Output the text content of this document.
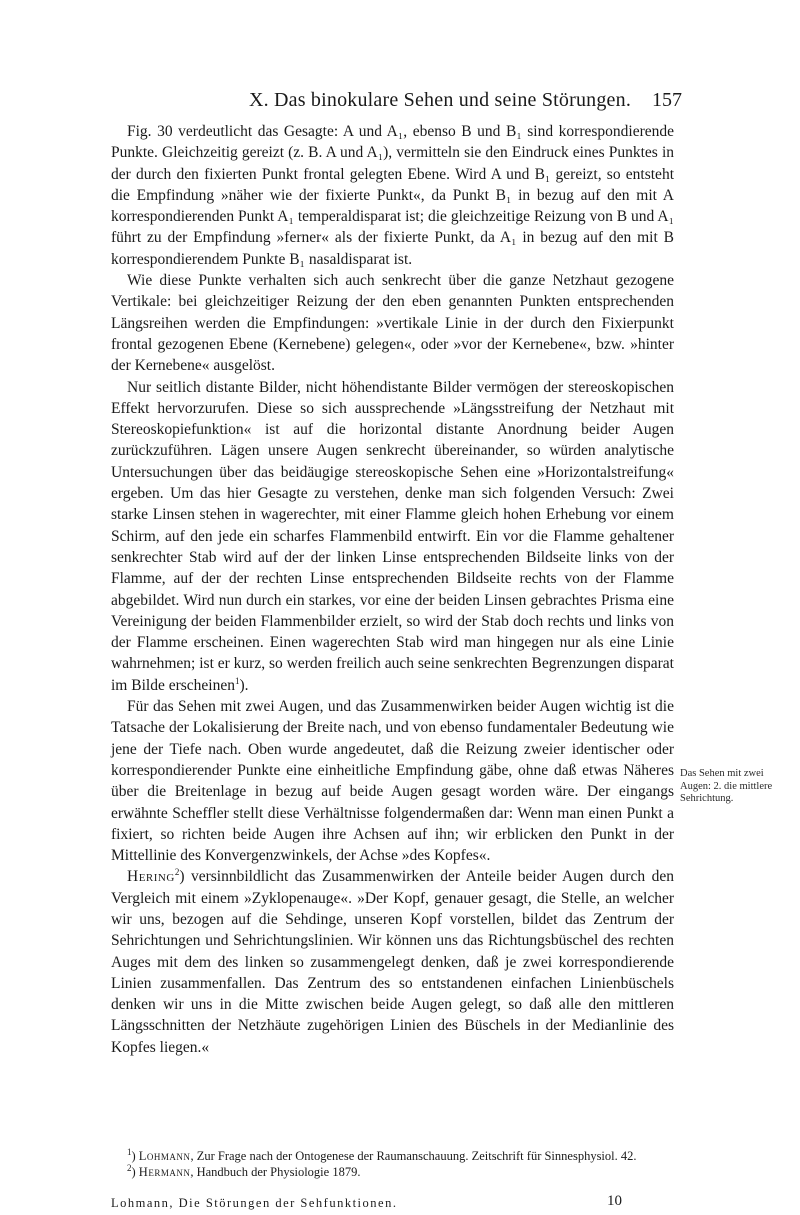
X. Das binokulare Sehen und seine Störungen.	157

Fig. 30 verdeutlicht das Gesagte: A und A₁, ebenso B und B₁ sind korrespondierende Punkte. Gleichzeitig gereizt (z. B. A und A₁), vermitteln sie den Eindruck eines Punktes in der durch den fixierten Punkt frontal gelegten Ebene. Wird A und B₁ gereizt, so entsteht die Empfindung »näher wie der fixierte Punkt«, da Punkt B₁ in bezug auf den mit A korrespondierenden Punkt A₁ temperaldisparat ist; die gleichzeitige Reizung von B und A₁ führt zu der Empfindung »ferner« als der fixierte Punkt, da A₁ in bezug auf den mit B korrespondierendem Punkte B₁ nasaldisparat ist.

Wie diese Punkte verhalten sich auch senkrecht über die ganze Netzhaut gezogene Vertikale: bei gleichzeitiger Reizung der den eben genannten Punkten entsprechenden Längsreihen werden die Empfindungen: »vertikale Linie in der durch den Fixierpunkt frontal gezogenen Ebene (Kernebene) gelegen«, oder »vor der Kernebene«, bzw. »hinter der Kernebene« ausgelöst.

Nur seitlich distante Bilder, nicht höhendistante Bilder vermögen der stereoskopischen Effekt hervorzurufen. Diese so sich aussprechende »Längsstreifung der Netzhaut mit Stereoskopiefunktion« ist auf die horizontal distante Anordnung beider Augen zurückzuführen. Lägen unsere Augen senkrecht übereinander, so würden analytische Untersuchungen über das beidäugige stereoskopische Sehen eine »Horizontalstreifung« ergeben. Um das hier Gesagte zu verstehen, denke man sich folgenden Versuch: Zwei starke Linsen stehen in wagerechter, mit einer Flamme gleich hohen Erhebung vor einem Schirm, auf den jede ein scharfes Flammenbild entwirft. Ein vor die Flamme gehaltener senkrechter Stab wird auf der der linken Linse entsprechenden Bildseite links von der Flamme, auf der der rechten Linse entsprechenden Bildseite rechts von der Flamme abgebildet. Wird nun durch ein starkes, vor eine der beiden Linsen gebrachtes Prisma eine Vereinigung der beiden Flammenbilder erzielt, so wird der Stab doch rechts und links von der Flamme erscheinen. Einen wagerechten Stab wird man hingegen nur als eine Linie wahrnehmen; ist er kurz, so werden freilich auch seine senkrechten Begrenzungen disparat im Bilde erscheinen$^1$).

Für das Sehen mit zwei Augen, und das Zusammenwirken beider Augen wichtig ist die Tatsache der Lokalisierung der Breite nach, und von ebenso fundamentaler Bedeutung wie jene der Tiefe nach. Oben wurde angedeutet, daß die Reizung zweier identischer oder korrespondierender Punkte eine einheitliche Empfindung gäbe, ohne daß etwas Näheres über die Breitenlage in bezug auf beide Augen gesagt worden wäre. Der eingangs erwähnte Scheffler stellt diese Verhältnisse folgendermaßen dar: Wenn man einen Punkt a fixiert, so richten beide Augen ihre Achsen auf ihn; wir erblicken den Punkt in der Mittellinie des Konvergenzwinkels, der Achse »des Kopfes«.

Hering$^2$) versinnbildlicht das Zusammenwirken der Anteile beider Augen durch den Vergleich mit einem »Zyklopenauge«. »Der Kopf, genauer gesagt, die Stelle, an welcher wir uns, bezogen auf die Sehdinge, unseren Kopf vorstellen, bildet das Zentrum der Sehrichtungen und Sehrichtungslinien. Wir können uns das Richtungsbüschel des rechten Auges mit dem des linken so zusammengelegt denken, daß je zwei korrespondierende Linien zusammenfallen. Das Zentrum des so entstandenen einfachen Linienbüschels denken wir uns in die Mitte zwischen beide Augen gelegt, so daß alle den mittleren Längsschnitten der Netzhäute zugehörigen Linien des Büschels in der Medianlinie des Kopfes liegen.«

Das Sehen mit zwei Augen: 2. die mittlere Sehrichtung.

$^1$) Lohmann, Zur Frage nach der Ontogenese der Raumanschauung. Zeitschrift für Sinnesphysiol. 42.

$^2$) Hermann, Handbuch der Physiologie 1879.

Lohmann, Die Störungen der Sehfunktionen.	10
